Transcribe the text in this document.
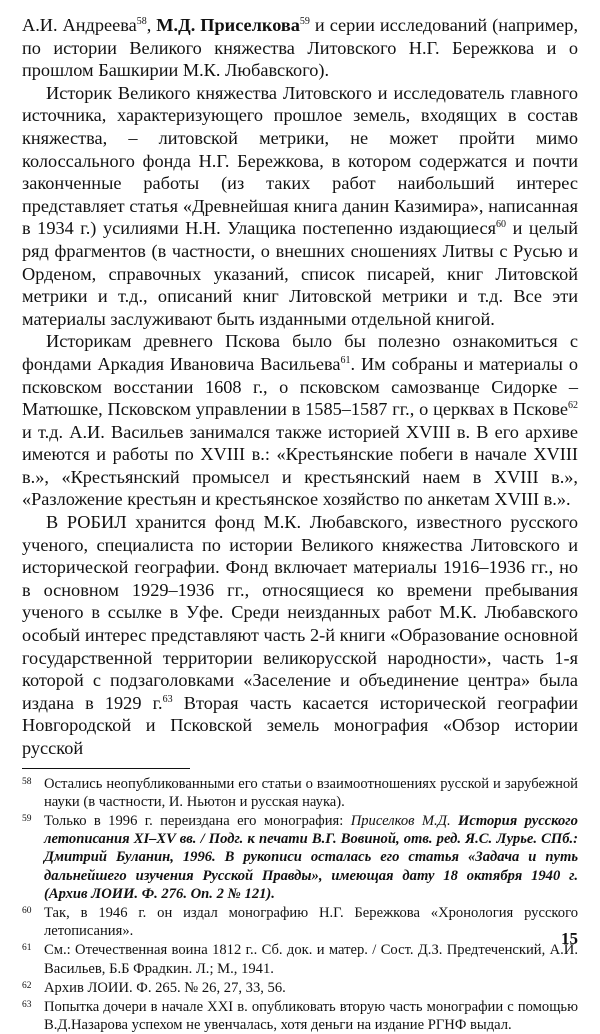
А.И. Андреева$^{58}$, М.Д. Приселкова$^{59}$ и серии исследований (например, по истории Великого княжества Литовского Н.Г. Бережкова и о прошлом Башкирии М.К. Любавского).

Историк Великого княжества Литовского и исследователь главного источника, характеризующего прошлое земель, входящих в состав княжества, – литовской метрики, не может пройти мимо колоссального фонда Н.Г. Бережкова, в котором содержатся и почти законченные работы (из таких работ наибольший интерес представляет статья «Древнейшая книга данин Казимира», написанная в 1934 г.) усилиями Н.Н. Улащика постепенно издающиеся$^{60}$ и целый ряд фрагментов (в частности, о внешних сношениях Литвы с Русью и Орденом, справочных указаний, список писарей, книг Литовской метрики и т.д., описаний книг Литовской метрики и т.д. Все эти материалы заслуживают быть изданными отдельной книгой.

Историкам древнего Пскова было бы полезно ознакомиться с фондами Аркадия Ивановича Васильева$^{61}$. Им собраны и материалы о псковском восстании 1608 г., о псковском самозванце Сидорке – Матюшке, Псковском управлении в 1585–1587 гг., о церквах в Пскове$^{62}$ и т.д. А.И. Васильев занимался также историей XVIII в. В его архиве имеются и работы по XVIII в.: «Крестьянские побеги в начале XVIII в.», «Крестьянский промысел и крестьянский наем в XVIII в.», «Разложение крестьян и крестьянское хозяйство по анкетам XVIII в.».

В РОБИЛ хранится фонд М.К. Любавского, известного русского ученого, специалиста по истории Великого княжества Литовского и исторической географии. Фонд включает материалы 1916–1936 гг., но в основном 1929–1936 гг., относящиеся ко времени пребывания ученого в ссылке в Уфе. Среди неизданных работ М.К. Любавского особый интерес представляют часть 2-й книги «Образование основной государственной территории великорусской народности», часть 1-я которой с подзаголовками «Заселение и объединение центра» была издана в 1929 г.$^{63}$ Вторая часть касается исторической географии Новгородской и Псковской земель монография «Обзор истории русской

58 Остались неопубликованными его статьи о взаимоотношениях русской и зарубежной науки (в частности, И. Ньютон и русская наука).
59 Только в 1996 г. переиздана его монография: Приселков М.Д. История русского летописания XI–XV вв. / Подг. к печати В.Г. Вовиной, отв. ред. Я.С. Лурье. СПб.: Дмитрий Буланин, 1996. В рукописи осталась его статья «Задача и путь дальнейшего изучения Русской Правды», имеющая дату 18 октября 1940 г. (Архив ЛОИИ. Ф. 276. Оп. 2 № 121).
60 Так, в 1946 г. он издал монографию Н.Г. Бережкова «Хронология русского летописания».
61 См.: Отечественная воина 1812 г.. Сб. док. и матер. / Сост. Д.З. Предтеченский, А.И. Васильев, Б.Б Фрадкин. Л.; М., 1941.
62 Архив ЛОИИ. Ф. 265. № 26, 27, 33, 56.
63 Попытка дочери в начале XXI в. опубликовать вторую часть монографии с помощью В.Д.Назарова успехом не увенчалась, хотя деньги на издание РГНФ выдал.
15
